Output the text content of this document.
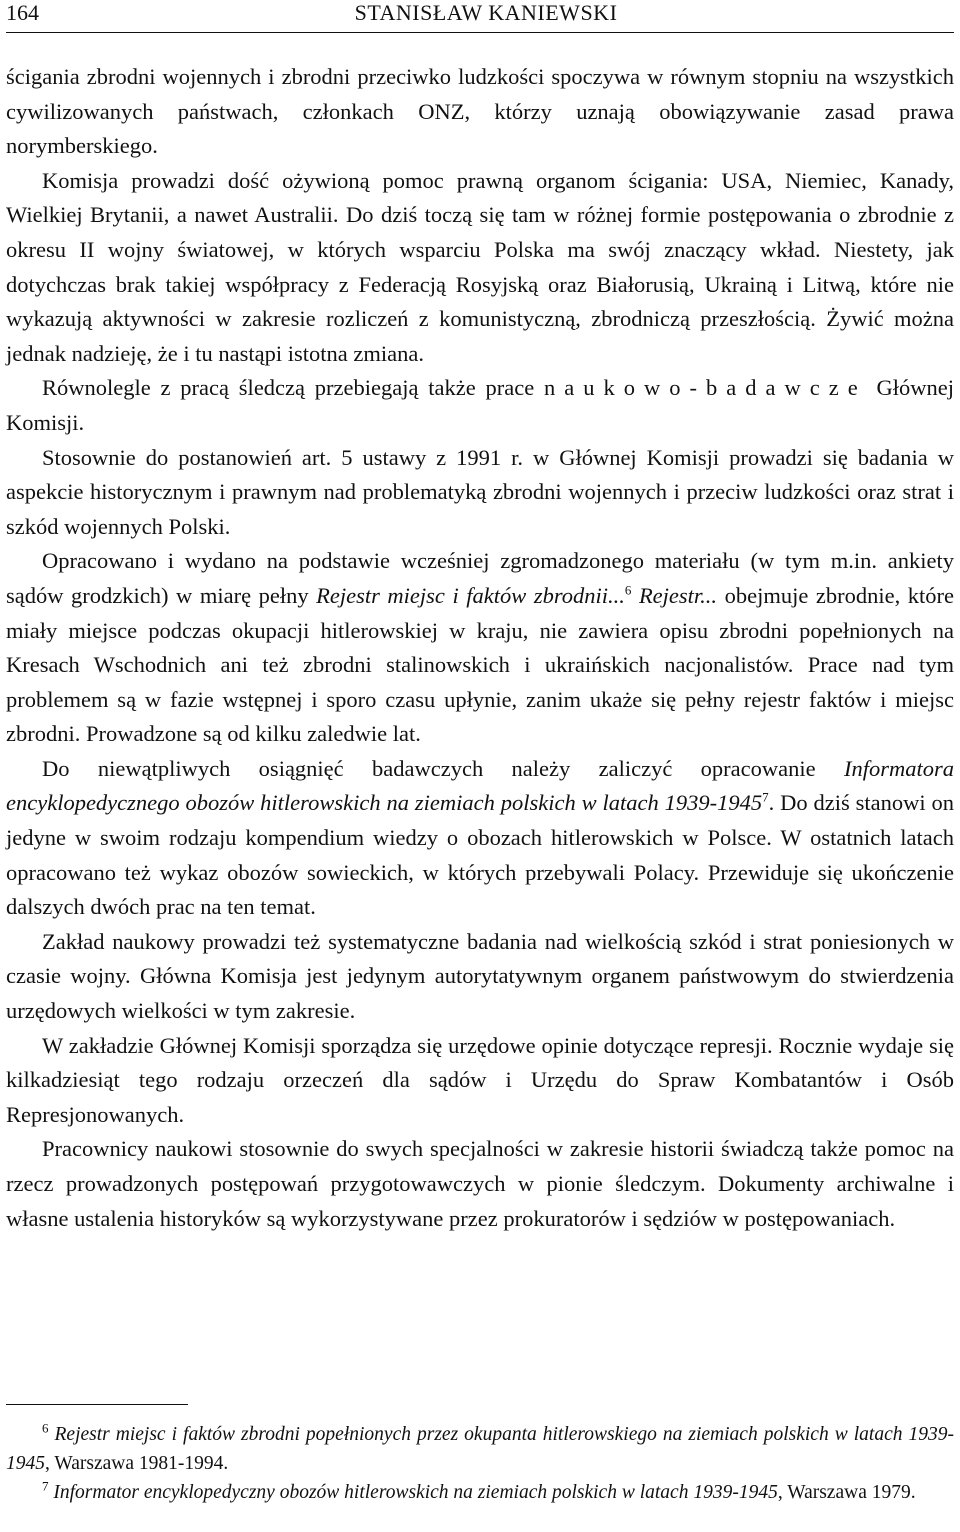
164	STANISŁAW KANIEWSKI

ścigania zbrodni wojennych i zbrodni przeciwko ludzkości spoczywa w równym stopniu na wszystkich cywilizowanych państwach, członkach ONZ, którzy uznają obowiązywanie zasad prawa norymberskiego.

Komisja prowadzi dość ożywioną pomoc prawną organom ścigania: USA, Niemiec, Kanady, Wielkiej Brytanii, a nawet Australii. Do dziś toczą się tam w różnej formie postępowania o zbrodnie z okresu II wojny światowej, w których wsparciu Polska ma swój znaczący wkład. Niestety, jak dotychczas brak takiej współpracy z Federacją Rosyjską oraz Białorusią, Ukrainą i Litwą, które nie wykazują aktywności w zakresie rozliczeń z komunistyczną, zbrodniczą przeszłością. Żywić można jednak nadzieję, że i tu nastąpi istotna zmiana.

Równolegle z pracą śledczą przebiegają także prace naukowo-badawcze Głównej Komisji.

Stosownie do postanowień art. 5 ustawy z 1991 r. w Głównej Komisji prowadzi się badania w aspekcie historycznym i prawnym nad problematyką zbrodni wojennych i przeciw ludzkości oraz strat i szkód wojennych Polski.

Opracowano i wydano na podstawie wcześniej zgromadzonego materiału (w tym m.in. ankiety sądów grodzkich) w miarę pełny Rejestr miejsc i faktów zbrodnii...$^6$ Rejestr... obejmuje zbrodnie, które miały miejsce podczas okupacji hitlerowskiej w kraju, nie zawiera opisu zbrodni popełnionych na Kresach Wschodnich ani też zbrodni stalinowskich i ukraińskich nacjonalistów. Prace nad tym problemem są w fazie wstępnej i sporo czasu upłynie, zanim ukaże się pełny rejestr faktów i miejsc zbrodni. Prowadzone są od kilku zaledwie lat.

Do niewątpliwych osiągnięć badawczych należy zaliczyć opracowanie Informatora encyklopedycznego obozów hitlerowskich na ziemiach polskich w latach 1939-1945$^7$. Do dziś stanowi on jedyne w swoim rodzaju kompendium wiedzy o obozach hitlerowskich w Polsce. W ostatnich latach opracowano też wykaz obozów sowieckich, w których przebywali Polacy. Przewiduje się ukończenie dalszych dwóch prac na ten temat.

Zakład naukowy prowadzi też systematyczne badania nad wielkością szkód i strat poniesionych w czasie wojny. Główna Komisja jest jedynym autorytatywnym organem państwowym do stwierdzenia urzędowych wielkości w tym zakresie.

W zakładzie Głównej Komisji sporządza się urzędowe opinie dotyczące represji. Rocznie wydaje się kilkadziesiąt tego rodzaju orzeczeń dla sądów i Urzędu do Spraw Kombatantów i Osób Represjonowanych.

Pracownicy naukowi stosownie do swych specjalności w zakresie historii świadczą także pomoc na rzecz prowadzonych postępowań przygotowawczych w pionie śledczym. Dokumenty archiwalne i własne ustalenia historyków są wykorzystywane przez prokuratorów i sędziów w postępowaniach.

$^6$ Rejestr miejsc i faktów zbrodni popełnionych przez okupanta hitlerowskiego na ziemiach polskich w latach 1939-1945, Warszawa 1981-1994.

$^7$ Informator encyklopedyczny obozów hitlerowskich na ziemiach polskich w latach 1939-1945, Warszawa 1979.
